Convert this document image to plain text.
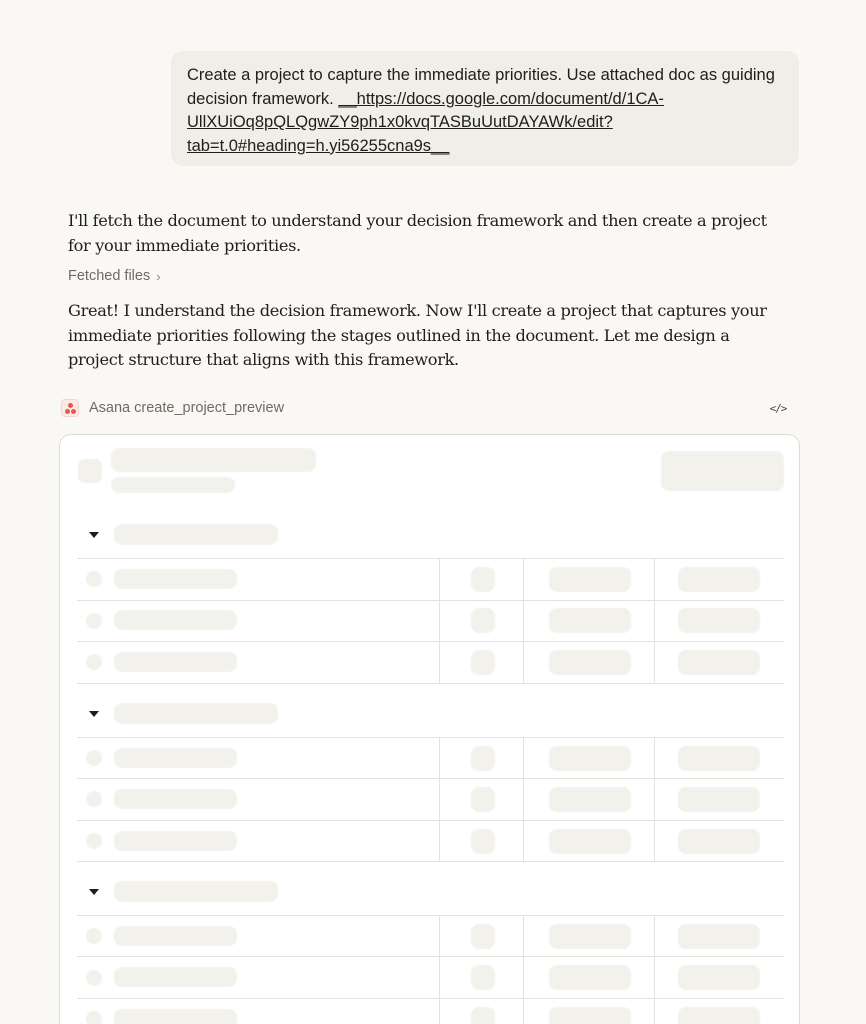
Create a project to capture the immediate priorities. Use attached doc as guiding decision framework. __https://docs.google.com/document/d/1CA-UllXUiOq8pQLQgwZY9ph1x0kvqTASBuUutDAYAWk/edit?tab=t.0#heading=h.yi56255cna9s__
I'll fetch the document to understand your decision framework and then create a project for your immediate priorities.
Fetched files ›
Great! I understand the decision framework. Now I'll create a project that captures your immediate priorities following the stages outlined in the document. Let me design a project structure that aligns with this framework.
Asana create_project_preview	</>
